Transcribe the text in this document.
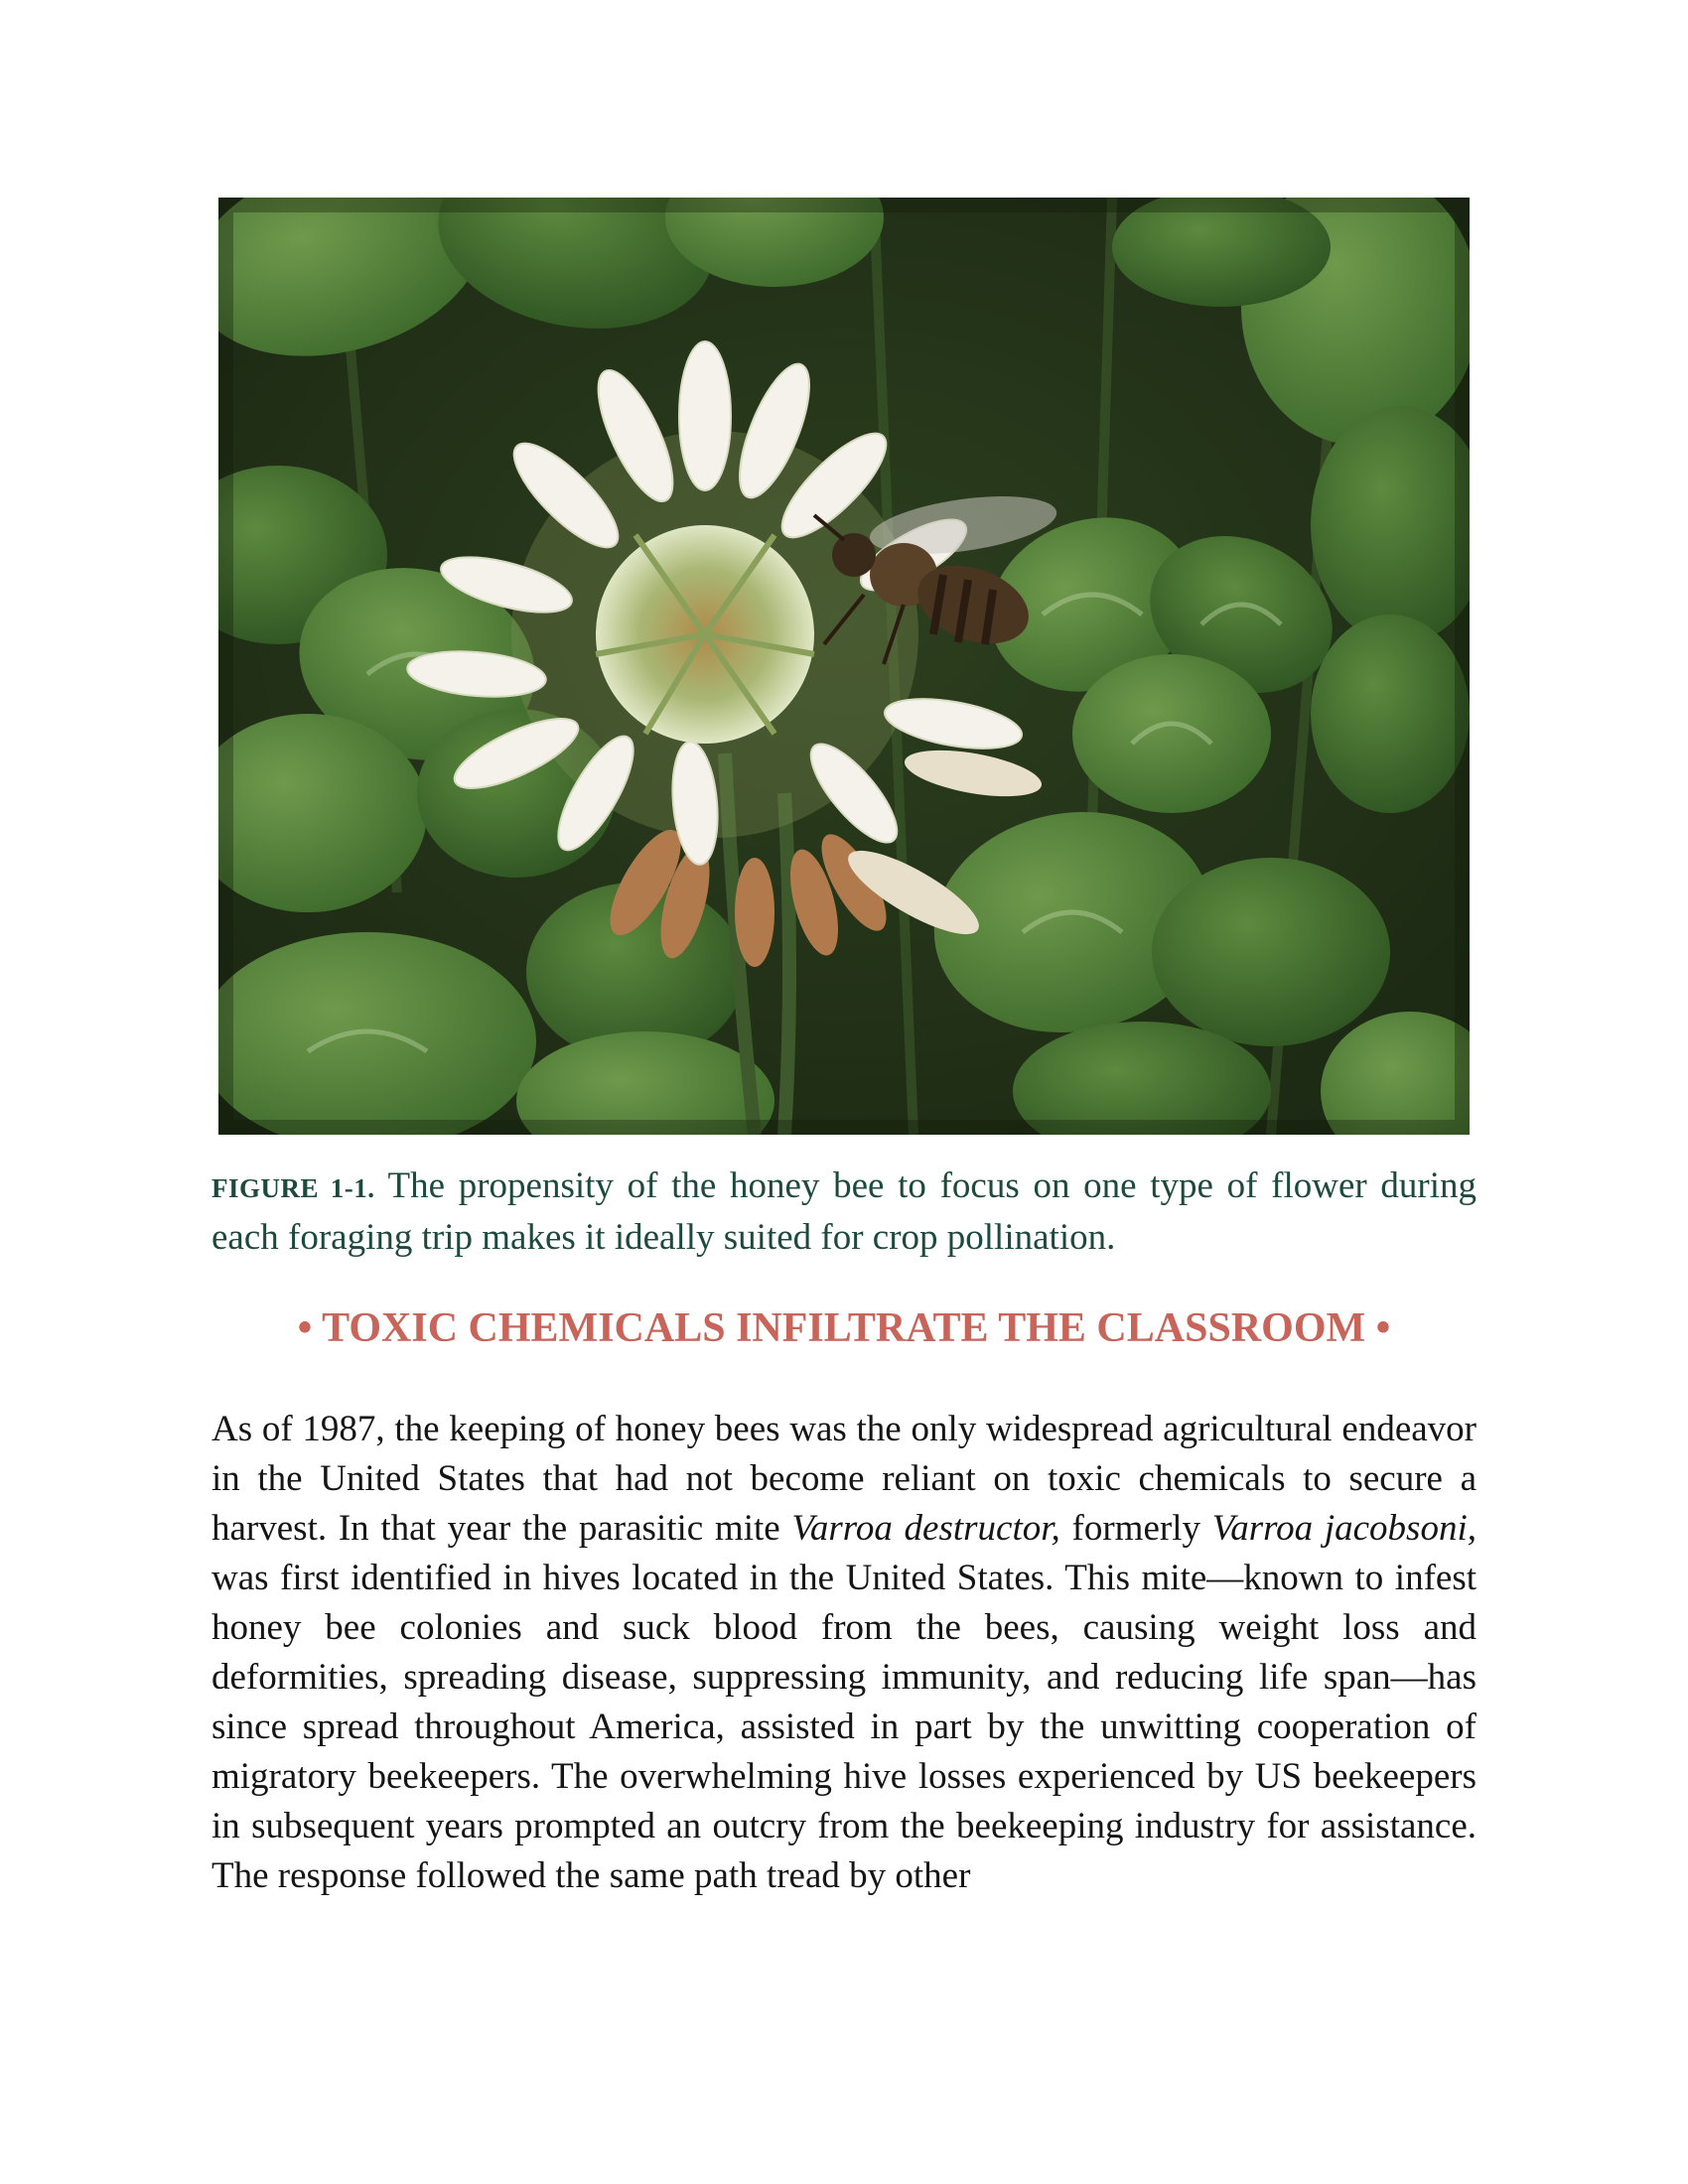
FIGURE 1-1. The propensity of the honey bee to focus on one type of flower during each foraging trip makes it ideally suited for crop pollination.
• TOXIC CHEMICALS INFILTRATE THE CLASSROOM •
As of 1987, the keeping of honey bees was the only widespread agricultural endeavor in the United States that had not become reliant on toxic chemicals to secure a harvest. In that year the parasitic mite Varroa destructor, formerly Varroa jacobsoni, was first identified in hives located in the United States. This mite—known to infest honey bee colonies and suck blood from the bees, causing weight loss and deformities, spreading disease, suppressing immunity, and reducing life span—has since spread throughout America, assisted in part by the unwitting cooperation of migratory beekeepers. The overwhelming hive losses experienced by US beekeepers in subsequent years prompted an outcry from the beekeeping industry for assistance. The response followed the same path tread by other
